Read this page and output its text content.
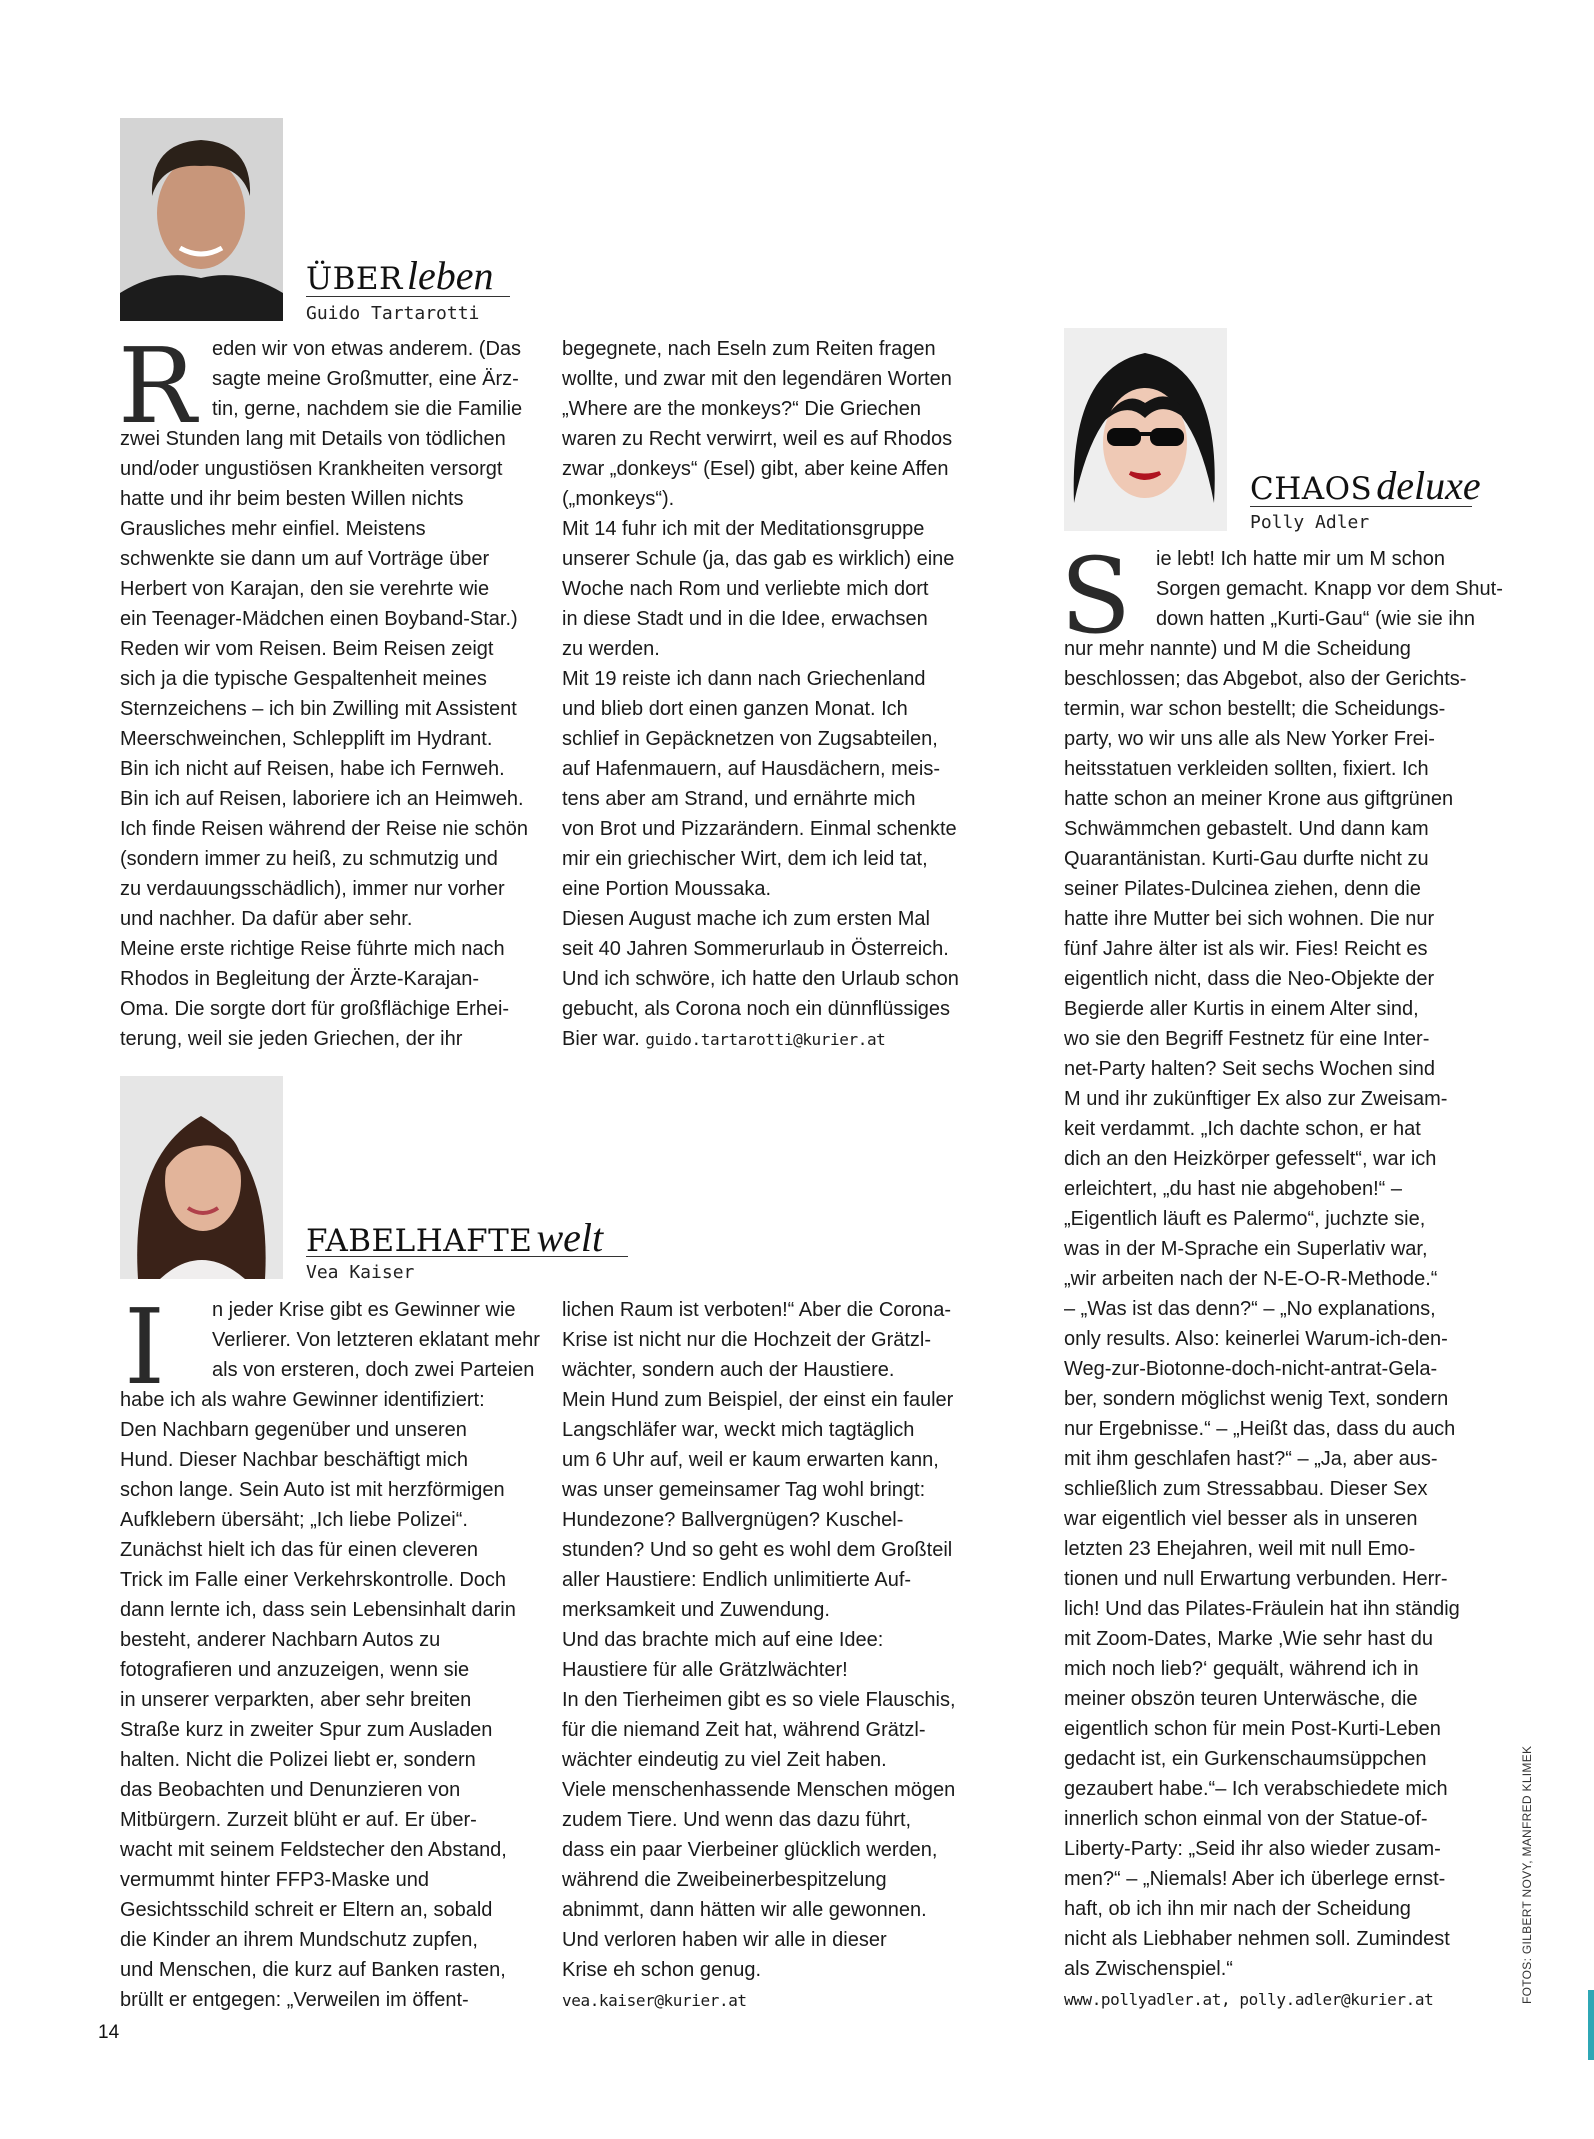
ÜBER leben
Guido Tartarotti
R eden wir von etwas anderem. (Das
sagte meine Großmutter, eine Ärz-
tin, gerne, nachdem sie die Familie
zwei Stunden lang mit Details von tödlichen
und/oder ungustiösen Krankheiten versorgt
hatte und ihr beim besten Willen nichts
Grausliches mehr einfiel. Meistens
schwenkte sie dann um auf Vorträge über
Herbert von Karajan, den sie verehrte wie
ein Teenager-Mädchen einen Boyband-Star.)
Reden wir vom Reisen. Beim Reisen zeigt
sich ja die typische Gespaltenheit meines
Sternzeichens – ich bin Zwilling mit Assistent
Meerschweinchen, Schlepplift im Hydrant.
Bin ich nicht auf Reisen, habe ich Fernweh.
Bin ich auf Reisen, laboriere ich an Heimweh.
Ich finde Reisen während der Reise nie schön
(sondern immer zu heiß, zu schmutzig und
zu verdauungsschädlich), immer nur vorher
und nachher. Da dafür aber sehr.
Meine erste richtige Reise führte mich nach
Rhodos in Begleitung der Ärzte-Karajan-
Oma. Die sorgte dort für großflächige Erhei-
terung, weil sie jeden Griechen, der ihr
begegnete, nach Eseln zum Reiten fragen
wollte, und zwar mit den legendären Worten
„Where are the monkeys?“ Die Griechen
waren zu Recht verwirrt, weil es auf Rhodos
zwar „donkeys“ (Esel) gibt, aber keine Affen
(„monkeys“).
Mit 14 fuhr ich mit der Meditationsgruppe
unserer Schule (ja, das gab es wirklich) eine
Woche nach Rom und verliebte mich dort
in diese Stadt und in die Idee, erwachsen
zu werden.
Mit 19 reiste ich dann nach Griechenland
und blieb dort einen ganzen Monat. Ich
schlief in Gepäcknetzen von Zugsabteilen,
auf Hafenmauern, auf Hausdächern, meis-
tens aber am Strand, und ernährte mich
von Brot und Pizzarändern. Einmal schenkte
mir ein griechischer Wirt, dem ich leid tat,
eine Portion Moussaka.
Diesen August mache ich zum ersten Mal
seit 40 Jahren Sommerurlaub in Österreich.
Und ich schwöre, ich hatte den Urlaub schon
gebucht, als Corona noch ein dünnflüssiges
Bier war. guido.tartarotti@kurier.at
FABELHAFTE welt
Vea Kaiser
I	n jeder Krise gibt es Gewinner wie
Verlierer. Von letzteren eklatant mehr
als von ersteren, doch zwei Parteien
habe ich als wahre Gewinner identifiziert:
Den Nachbarn gegenüber und unseren
Hund. Dieser Nachbar beschäftigt mich
schon lange. Sein Auto ist mit herzförmigen
Aufklebern übersäht; „Ich liebe Polizei“.
Zunächst hielt ich das für einen cleveren
Trick im Falle einer Verkehrskontrolle. Doch
dann lernte ich, dass sein Lebensinhalt darin
besteht, anderer Nachbarn Autos zu
fotografieren und anzuzeigen, wenn sie
in unserer verparkten, aber sehr breiten
Straße kurz in zweiter Spur zum Ausladen
halten. Nicht die Polizei liebt er, sondern
das Beobachten und Denunzieren von
Mitbürgern. Zurzeit blüht er auf. Er über-
wacht mit seinem Feldstecher den Abstand,
vermummt hinter FFP3-Maske und
Gesichtsschild schreit er Eltern an, sobald
die Kinder an ihrem Mundschutz zupfen,
und Menschen, die kurz auf Banken rasten,
brüllt er entgegen: „Verweilen im öffent-
lichen Raum ist verboten!“ Aber die Corona-
Krise ist nicht nur die Hochzeit der Grätzl-
wächter, sondern auch der Haustiere.
Mein Hund zum Beispiel, der einst ein fauler
Langschläfer war, weckt mich tagtäglich
um 6 Uhr auf, weil er kaum erwarten kann,
was unser gemeinsamer Tag wohl bringt:
Hundezone? Ballvergnügen? Kuschel-
stunden? Und so geht es wohl dem Großteil
aller Haustiere: Endlich unlimitierte Auf-
merksamkeit und Zuwendung.
Und das brachte mich auf eine Idee:
Haustiere für alle Grätzlwächter!
In den Tierheimen gibt es so viele Flauschis,
für die niemand Zeit hat, während Grätzl-
wächter eindeutig zu viel Zeit haben.
Viele menschenhassende Menschen mögen
zudem Tiere. Und wenn das dazu führt,
dass ein paar Vierbeiner glücklich werden,
während die Zweibeinerbespitzelung
abnimmt, dann hätten wir alle gewonnen.
Und verloren haben wir alle in dieser
Krise eh schon genug.
vea.kaiser@kurier.at
CHAOS deluxe
Polly Adler
S	ie lebt! Ich hatte mir um M schon
Sorgen gemacht. Knapp vor dem Shut-
down hatten „Kurti-Gau“ (wie sie ihn
nur mehr nannte) und M die Scheidung
beschlossen; das Abgebot, also der Gerichts-
termin, war schon bestellt; die Scheidungs-
party, wo wir uns alle als New Yorker Frei-
heitsstatuen verkleiden sollten, fixiert. Ich
hatte schon an meiner Krone aus giftgrünen
Schwämmchen gebastelt. Und dann kam
Quarantänistan. Kurti-Gau durfte nicht zu
seiner Pilates-Dulcinea ziehen, denn die
hatte ihre Mutter bei sich wohnen. Die nur
fünf Jahre älter ist als wir. Fies! Reicht es
eigentlich nicht, dass die Neo-Objekte der
Begierde aller Kurtis in einem Alter sind,
wo sie den Begriff Festnetz für eine Inter-
net-Party halten? Seit sechs Wochen sind
M und ihr zukünftiger Ex also zur Zweisam-
keit verdammt. „Ich dachte schon, er hat
dich an den Heizkörper gefesselt“, war ich
erleichtert, „du hast nie abgehoben!“ –
„Eigentlich läuft es Palermo“, juchzte sie,
was in der M-Sprache ein Superlativ war,
„wir arbeiten nach der N-E-O-R-Methode.“
– „Was ist das denn?“ – „No explanations,
only results. Also: keinerlei Warum-ich-den-
Weg-zur-Biotonne-doch-nicht-antrat-Gela-
ber, sondern möglichst wenig Text, sondern
nur Ergebnisse.“ – „Heißt das, dass du auch
mit ihm geschlafen hast?“ – „Ja, aber aus-
schließlich zum Stressabbau. Dieser Sex
war eigentlich viel besser als in unseren
letzten 23 Ehejahren, weil mit null Emo-
tionen und null Erwartung verbunden. Herr-
lich! Und das Pilates-Fräulein hat ihn ständig
mit Zoom-Dates, Marke ‚Wie sehr hast du
mich noch lieb?‘ gequält, während ich in
meiner obszön teuren Unterwäsche, die
eigentlich schon für mein Post-Kurti-Leben
gedacht ist, ein Gurkenschaumsüppchen
gezaubert habe.“– Ich verabschiedete mich
innerlich schon einmal von der Statue-of-
Liberty-Party: „Seid ihr also wieder zusam-
men?“ – „Niemals! Aber ich überlege ernst-
haft, ob ich ihn mir nach der Scheidung
nicht als Liebhaber nehmen soll. Zumindest
als Zwischenspiel.“
www.pollyadler.at, polly.adler@kurier.at
14
FOTOS: GILBERT NOVY, MANFRED KLIMEK
